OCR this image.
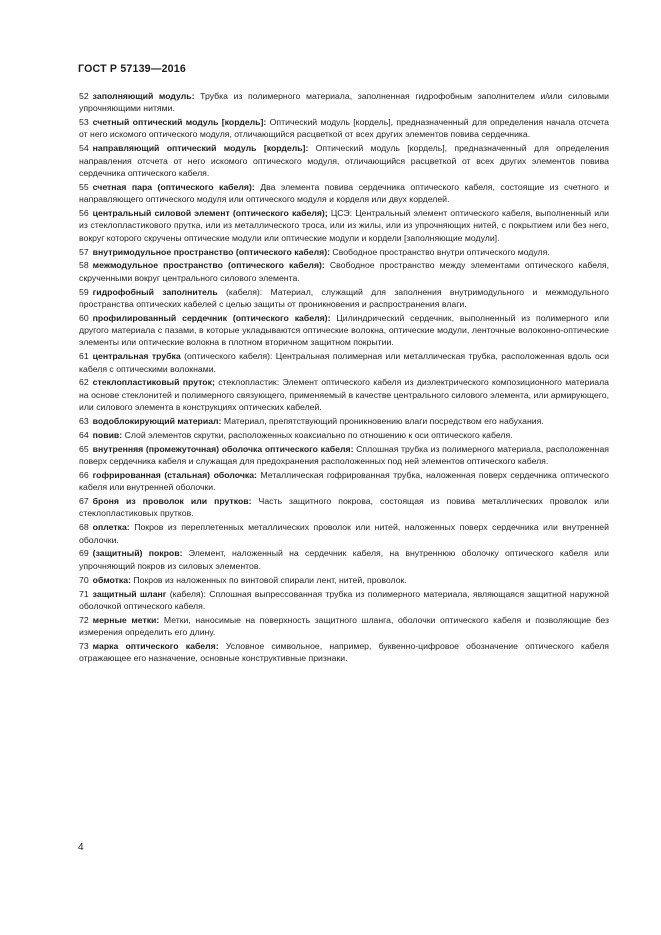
ГОСТ Р 57139—2016

52 заполняющий модуль: Трубка из полимерного материала, заполненная гидрофобным заполнителем и/или силовыми упрочняющими нитями.

53 счетный оптический модуль [кордель]: Оптический модуль [кордель], предназначенный для определения начала отсчета от него искомого оптического модуля, отличающийся расцветкой от всех других элементов повива сердечника.

54 направляющий оптический модуль [кордель]: Оптический модуль [кордель], предназначенный для определения направления отсчета от него искомого оптического модуля, отличающийся расцветкой от всех других элементов повива сердечника оптического кабеля.

55 счетная пара (оптического кабеля): Два элемента повива сердечника оптического кабеля, состоящие из счетного и направляющего оптического модуля или оптического модуля и корделя или двух корделей.

56 центральный силовой элемент (оптического кабеля); ЦСЭ: Центральный элемент оптического кабеля, выполненный или из стеклопластикового прутка, или из металлического троса, или из жилы, или из упрочняющих нитей, с покрытием или без него, вокруг которого скручены оптические модули или оптические модули и кордели [заполняющие модули].

57 внутримодульное пространство (оптического кабеля): Свободное пространство внутри оптического модуля.

58 межмодульное пространство (оптического кабеля): Свободное пространство между элементами оптического кабеля, скрученными вокруг центрального силового элемента.

59 гидрофобный заполнитель (кабеля): Материал, служащий для заполнения внутримодульного и межмодульного пространства оптических кабелей с целью защиты от проникновения и распространения влаги.

60 профилированный сердечник (оптического кабеля): Цилиндрический сердечник, выполненный из полимерного или другого материала с пазами, в которые укладываются оптические волокна, оптические модули, ленточные волоконно-оптические элементы или оптические волокна в плотном вторичном защитном покрытии.

61 центральная трубка (оптического кабеля): Центральная полимерная или металлическая трубка, расположенная вдоль оси кабеля с оптическими волокнами.

62 стеклопластиковый пруток; стеклопластик: Элемент оптического кабеля из диэлектрического композиционного материала на основе стеклонитей и полимерного связующего, применяемый в качестве центрального силового элемента, или армирующего, или силового элемента в конструкциях оптических кабелей.

63 водоблокирующий материал: Материал, препятствующий проникновению влаги посредством его набухания.

64 повив: Слой элементов скрутки, расположенных коаксиально по отношению к оси оптического кабеля.

65 внутренняя (промежуточная) оболочка оптического кабеля: Сплошная трубка из полимерного материала, расположенная поверх сердечника кабеля и служащая для предохранения расположенных под ней элементов оптического кабеля.

66 гофрированная (стальная) оболочка: Металлическая гофрированная трубка, наложенная поверх сердечника оптического кабеля или внутренней оболочки.

67 броня из проволок или прутков: Часть защитного покрова, состоящая из повива металлических проволок или стеклопластиковых прутков.

68 оплетка: Покров из переплетенных металлических проволок или нитей, наложенных поверх сердечника или внутренней оболочки.

69 (защитный) покров: Элемент, наложенный на сердечник кабеля, на внутреннюю оболочку оптического кабеля или упрочняющий покров из силовых элементов.

70 обмотка: Покров из наложенных по винтовой спирали лент, нитей, проволок.

71 защитный шланг (кабеля): Сплошная выпрессованная трубка из полимерного материала, являющаяся защитной наружной оболочкой оптического кабеля.

72 мерные метки: Метки, наносимые на поверхность защитного шланга, оболочки оптического кабеля и позволяющие без измерения определить его длину.

73 марка оптического кабеля: Условное символьное, например, буквенно-цифровое обозначение оптического кабеля отражающее его назначение, основные конструктивные признаки.

4
